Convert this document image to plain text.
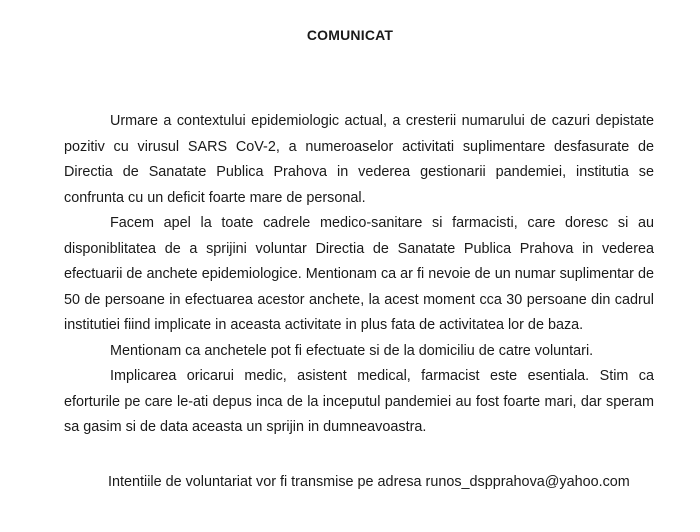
COMUNICAT

Urmare a contextului epidemiologic actual, a cresterii numarului de cazuri depistate pozitiv cu virusul SARS CoV-2, a numeroaselor activitati suplimentare desfasurate de Directia de Sanatate Publica Prahova in vederea gestionarii pandemiei, institutia se confrunta cu un deficit foarte mare de personal.

Facem apel la toate cadrele medico-sanitare si farmacisti, care doresc si au disponiblitatea de a sprijini voluntar Directia de Sanatate Publica Prahova in vederea efectuarii de anchete epidemiologice. Mentionam ca ar fi nevoie de un numar suplimentar de 50 de persoane in efectuarea acestor anchete, la acest moment cca 30 persoane din cadrul institutiei fiind implicate in aceasta activitate in plus fata de activitatea lor de baza.

Mentionam ca anchetele pot fi efectuate si de la domiciliu de catre voluntari.

Implicarea oricarui medic, asistent medical, farmacist este esentiala. Stim ca eforturile pe care le-ati depus inca de la inceputul pandemiei au fost foarte mari, dar speram sa gasim si de data aceasta un sprijin in dumneavoastra.

Intentiile de voluntariat vor fi transmise pe adresa runos_dspprahova@yahoo.com
